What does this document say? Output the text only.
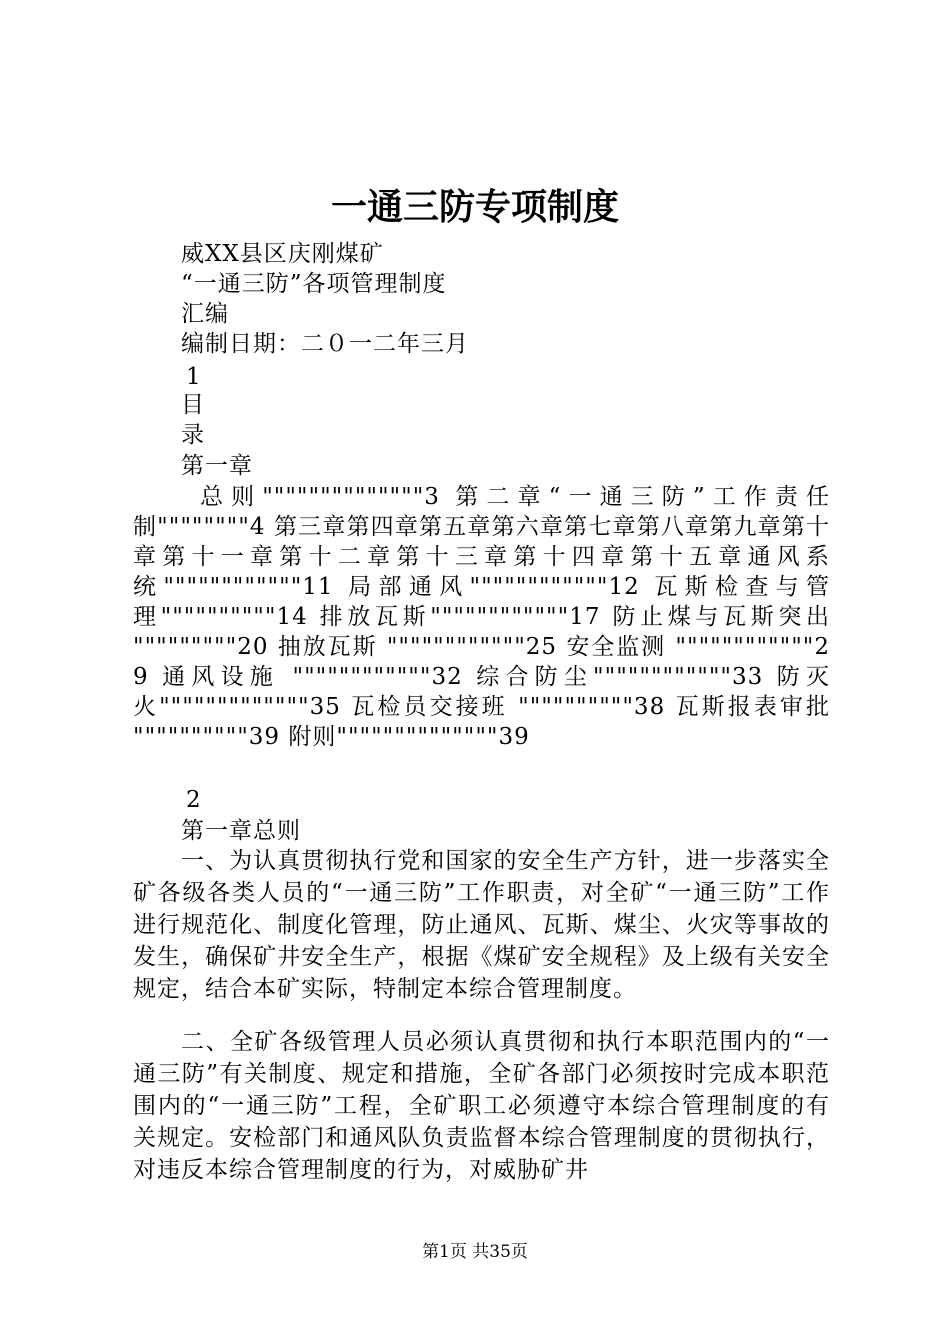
一通三防专项制度

威XX县区庆刚煤矿

“一通三防”各项管理制度

汇编

编制日期：二０一二年三月

1

目

录

第一章

总则""""""""""""""3 第二章“一通三防”工作责任制""""""""4 第三章第四章第五章第六章第七章第八章第九章第十章第十一章第十二章第十三章第十四章第十五章通风系统""""""""""""11 局部通风""""""""""""12 瓦斯检查与管理""""""""""14 排放瓦斯""""""""""""17 防止煤与瓦斯突出 """""""""20 抽放瓦斯 """"""""""""25 安全监测 """"""""""""29 通风设施 """"""""""""32 综合防尘""""""""""""33 防灭火"""""""""""""35 瓦检员交接班 """"""""""38 瓦斯报表审批 """"""""""39 附则""""""""""""""39

2

第一章总则

一、为认真贯彻执行党和国家的安全生产方针，进一步落实全矿各级各类人员的“一通三防”工作职责，对全矿“一通三防”工作进行规范化、制度化管理，防止通风、瓦斯、煤尘、火灾等事故的发生，确保矿井安全生产，根据《煤矿安全规程》及上级有关安全规定，结合本矿实际，特制定本综合管理制度。

二、全矿各级管理人员必须认真贯彻和执行本职范围内的“一通三防”有关制度、规定和措施，全矿各部门必须按时完成本职范围内的“一通三防”工程，全矿职工必须遵守本综合管理制度的有关规定。安检部门和通风队负责监督本综合管理制度的贯彻执行，对违反本综合管理制度的行为，对威胁矿井

第1页 共35页
